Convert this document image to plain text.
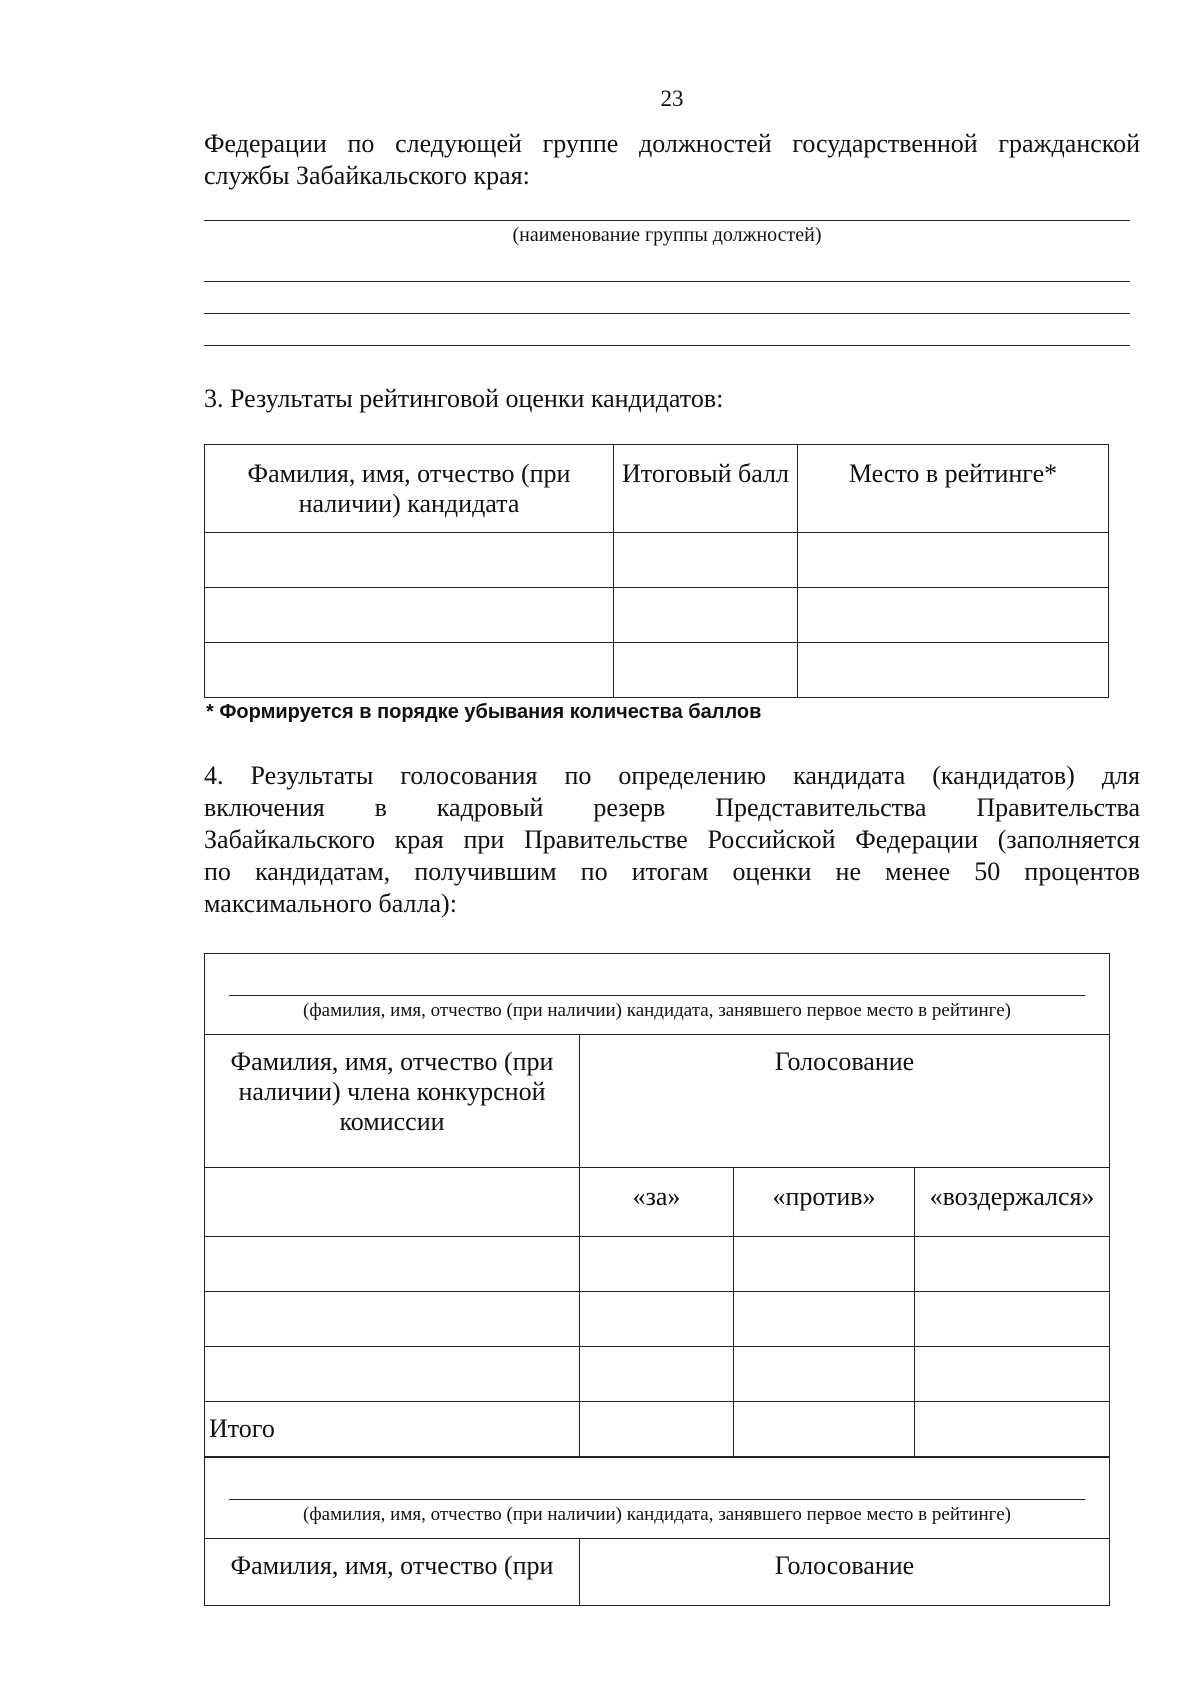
23
Федерации по следующей группе должностей государственной гражданской
службы Забайкальского края:
(наименование группы должностей)
3. Результаты рейтинговой оценки кандидатов:
Фамилия, имя, отчество (при наличии) кандидата	Итоговый балл	Место в рейтинге*

* Формируется в порядке убывания количества баллов
4. Результаты голосования по определению кандидата (кандидатов) для
включения в кадровый резерв Представительства Правительства
Забайкальского края при Правительстве Российской Федерации (заполняется
по кандидатам, получившим по итогам оценки не менее 50 процентов
максимального балла):
(фамилия, имя, отчество (при наличии) кандидата, занявшего первое место в рейтинге)			

Фамилия, имя, отчество (при наличии) члена конкурсной комиссии	Голосование		
	«за»	«против»	«воздержался»

Итого			
(фамилия, имя, отчество (при наличии) кандидата, занявшего первое место в рейтинге)

Фамилия, имя, отчество (при	Голосование
